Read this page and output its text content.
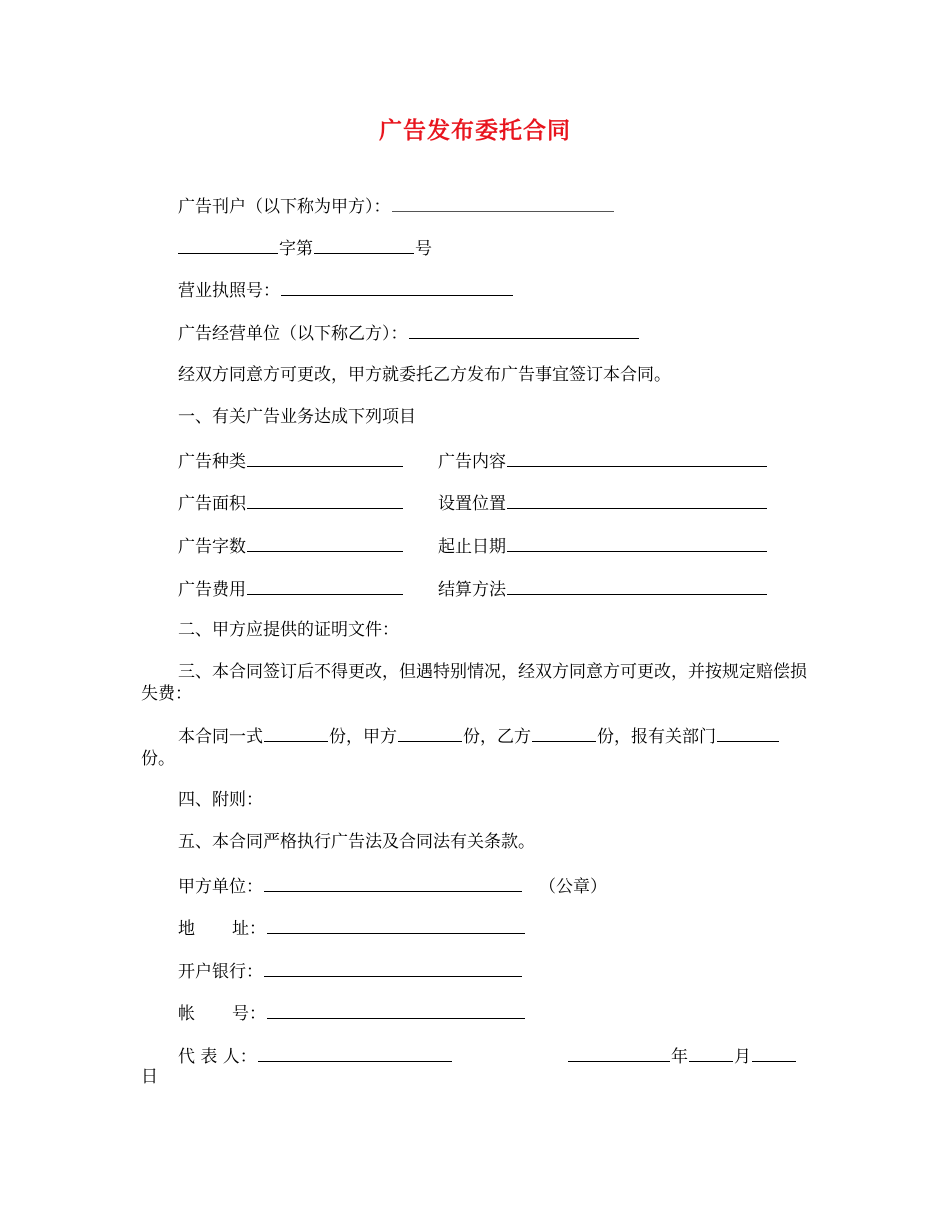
广告发布委托合同
广告刊户（以下称为甲方）：
字第	号
营业执照号：
广告经营单位（以下称乙方）：
经双方同意方可更改，甲方就委托乙方发布广告事宜签订本合同。
一、有关广告业务达成下列项目
广告种类	广告内容
广告面积	设置位置
广告字数	起止日期
广告费用	结算方法
二、甲方应提供的证明文件：
三、本合同签订后不得更改，但遇特别情况，经双方同意方可更改，并按规定赔偿损失费：
本合同一式	份，甲方	份，乙方	份，报有关部门份。
四、附则：
五、本合同严格执行广告法及合同法有关条款。
甲方单位：	（公章）
地 址：
开户银行：
帐 号：
代 表 人：	年	月
日
